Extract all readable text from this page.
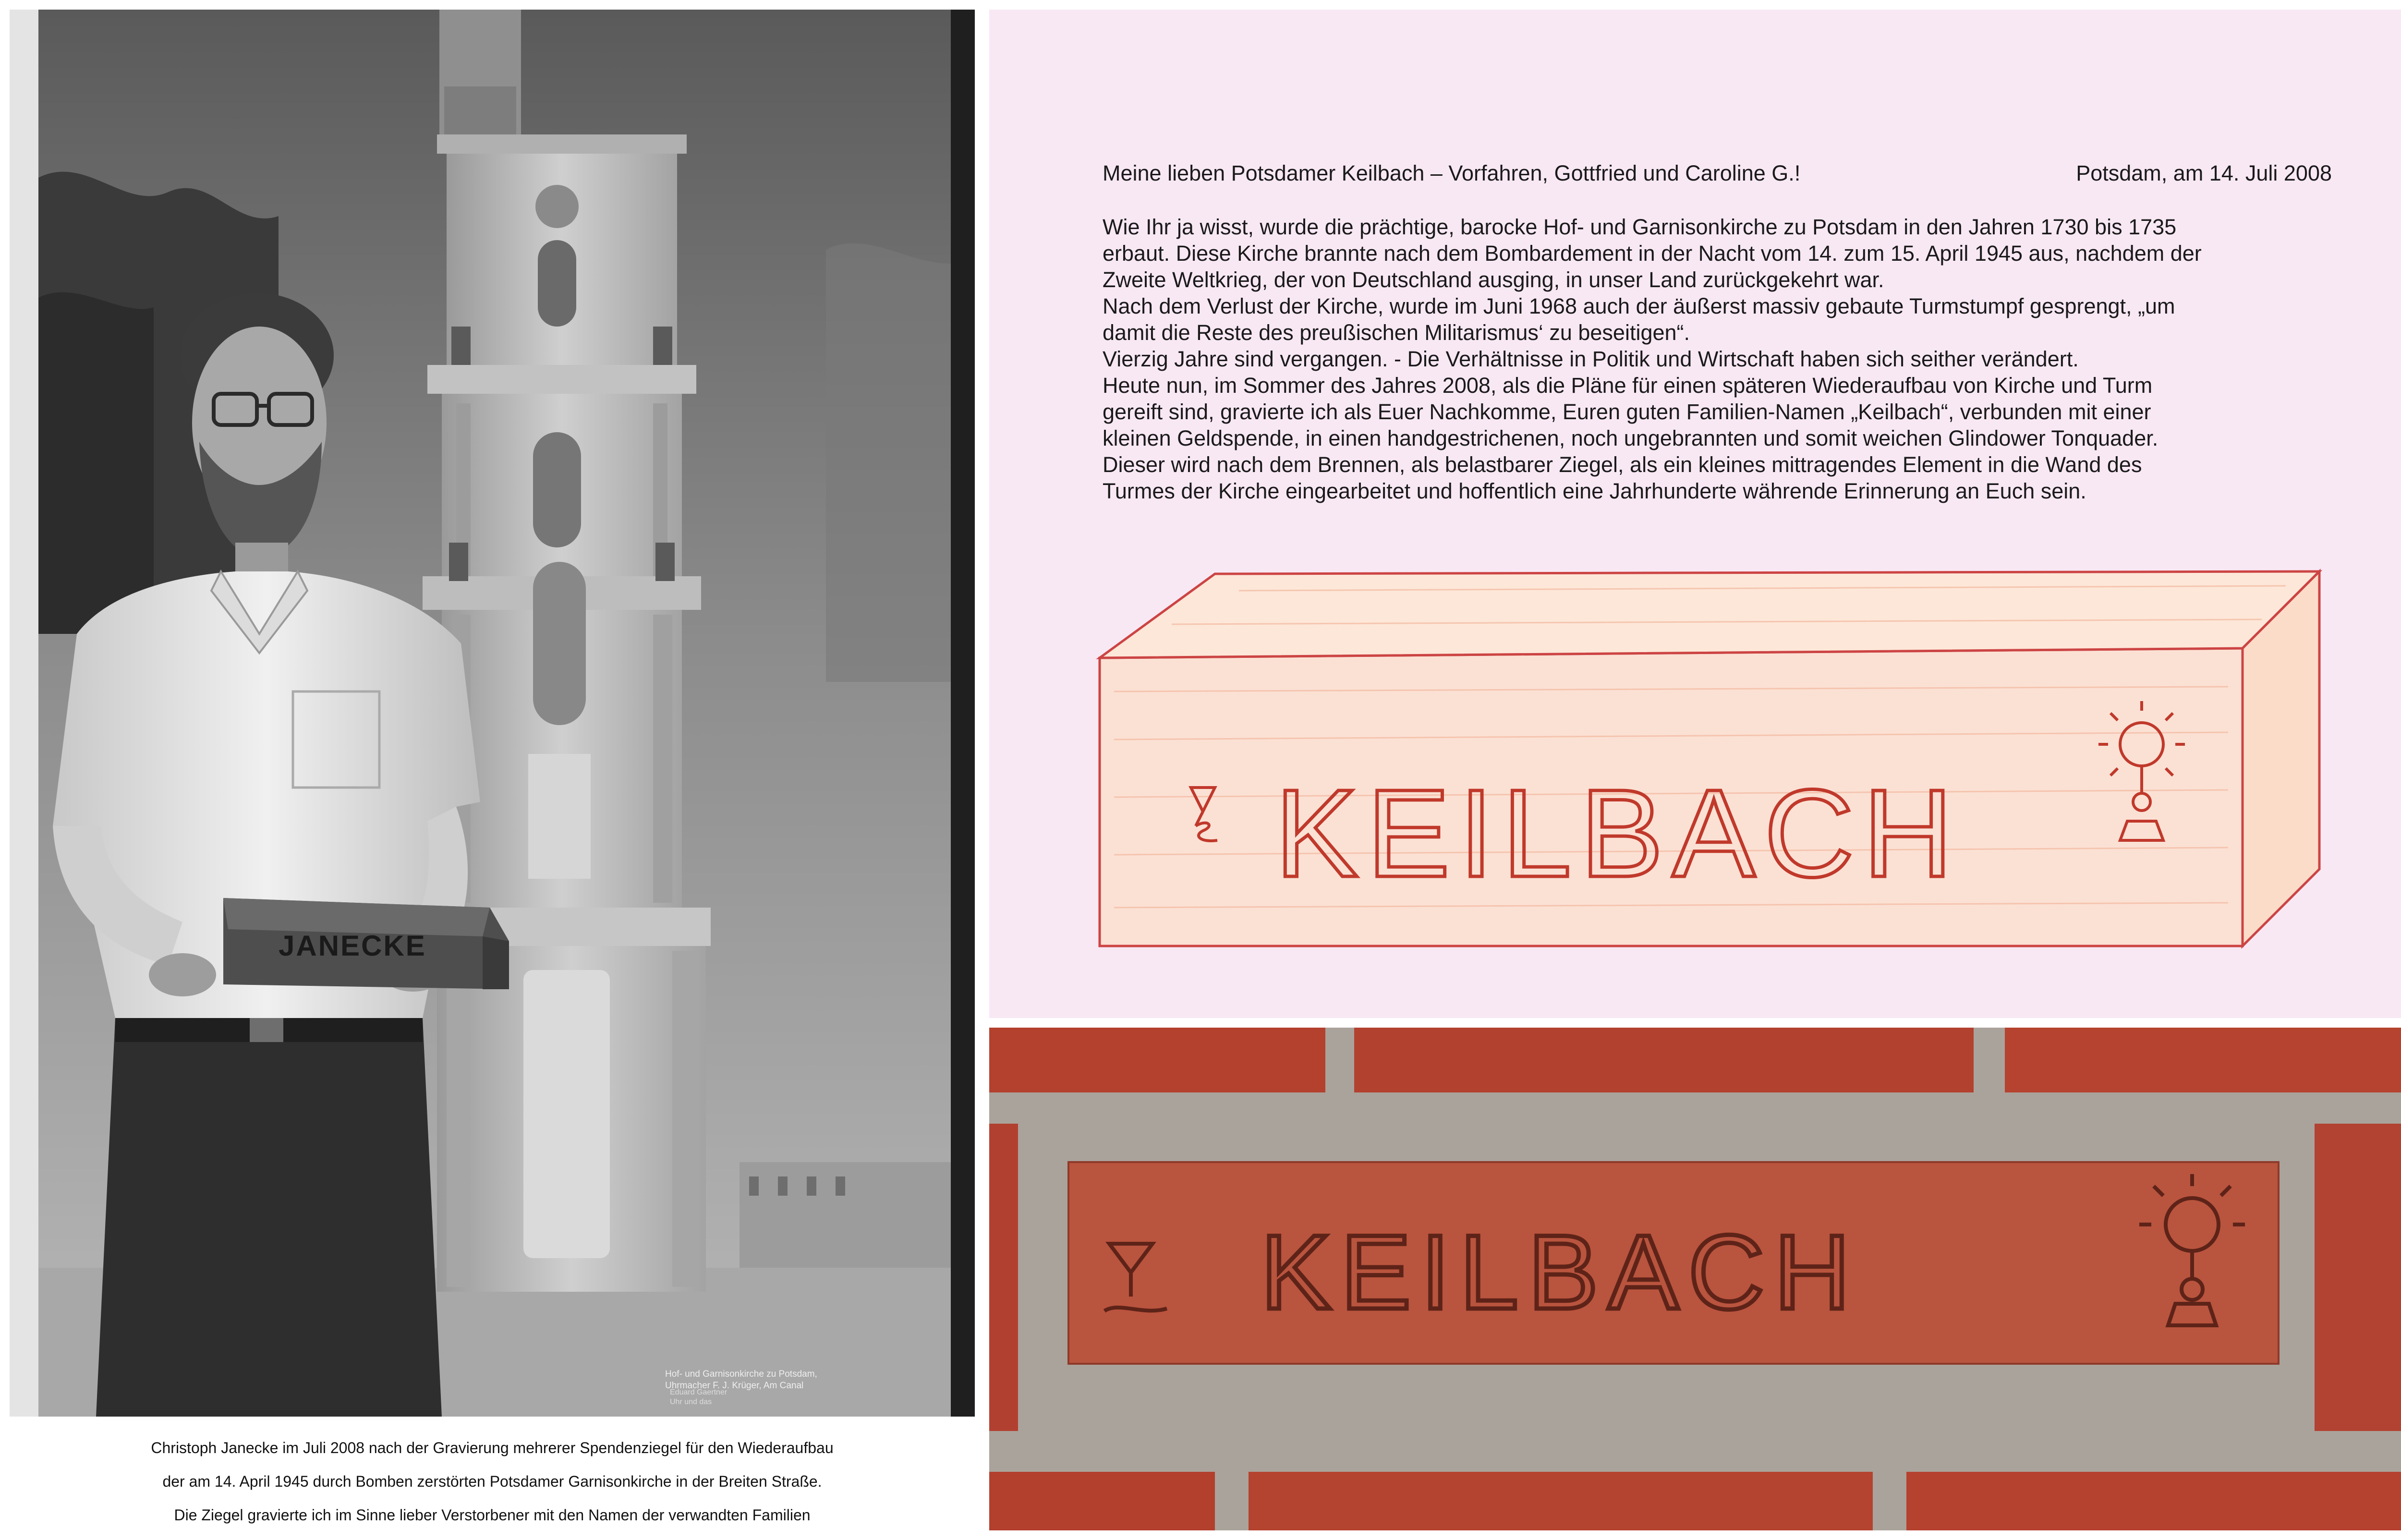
JANECKE
Eduard Gaertner
Uhr und das
Hof- und Garnisonkirche zu Potsdam,
Uhrmacher F. J. Krüger, Am Canal
Christoph Janecke im Juli 2008 nach der Gravierung mehrerer Spendenziegel für den Wiederaufbau
der am 14. April 1945 durch Bomben zerstörten Potsdamer Garnisonkirche in der Breiten Straße.
Die Ziegel gravierte ich im Sinne lieber Verstorbener mit den Namen der verwandten Familien
Meine lieben Potsdamer Keilbach – Vorfahren, Gottfried und Caroline G.!	Potsdam, am 14. Juli 2008
Wie Ihr ja wisst, wurde die prächtige, barocke Hof- und Garnisonkirche zu Potsdam in den Jahren 1730 bis 1735
erbaut. Diese Kirche brannte nach dem Bombardement in der Nacht vom 14. zum 15. April 1945 aus, nachdem der
Zweite Weltkrieg, der von Deutschland ausging, in unser Land zurückgekehrt war.
Nach dem Verlust der Kirche, wurde im Juni 1968 auch der äußerst massiv gebaute Turmstumpf gesprengt, „um
damit die Reste des preußischen Militarismus‘ zu beseitigen“.
Vierzig Jahre sind vergangen. - Die Verhältnisse in Politik und Wirtschaft haben sich seither verändert.
Heute nun, im Sommer des Jahres 2008, als die Pläne für einen späteren Wiederaufbau von Kirche und Turm
gereift sind, gravierte ich als Euer Nachkomme, Euren guten Familien-Namen „Keilbach“, verbunden mit einer
kleinen Geldspende, in einen handgestrichenen, noch ungebrannten und somit weichen Glindower Tonquader.
Dieser wird nach dem Brennen, als belastbarer Ziegel, als ein kleines mittragendes Element in die Wand des
Turmes der Kirche eingearbeitet und hoffentlich eine Jahrhunderte währende Erinnerung an Euch sein.
KEILBACH
KEILBACH
